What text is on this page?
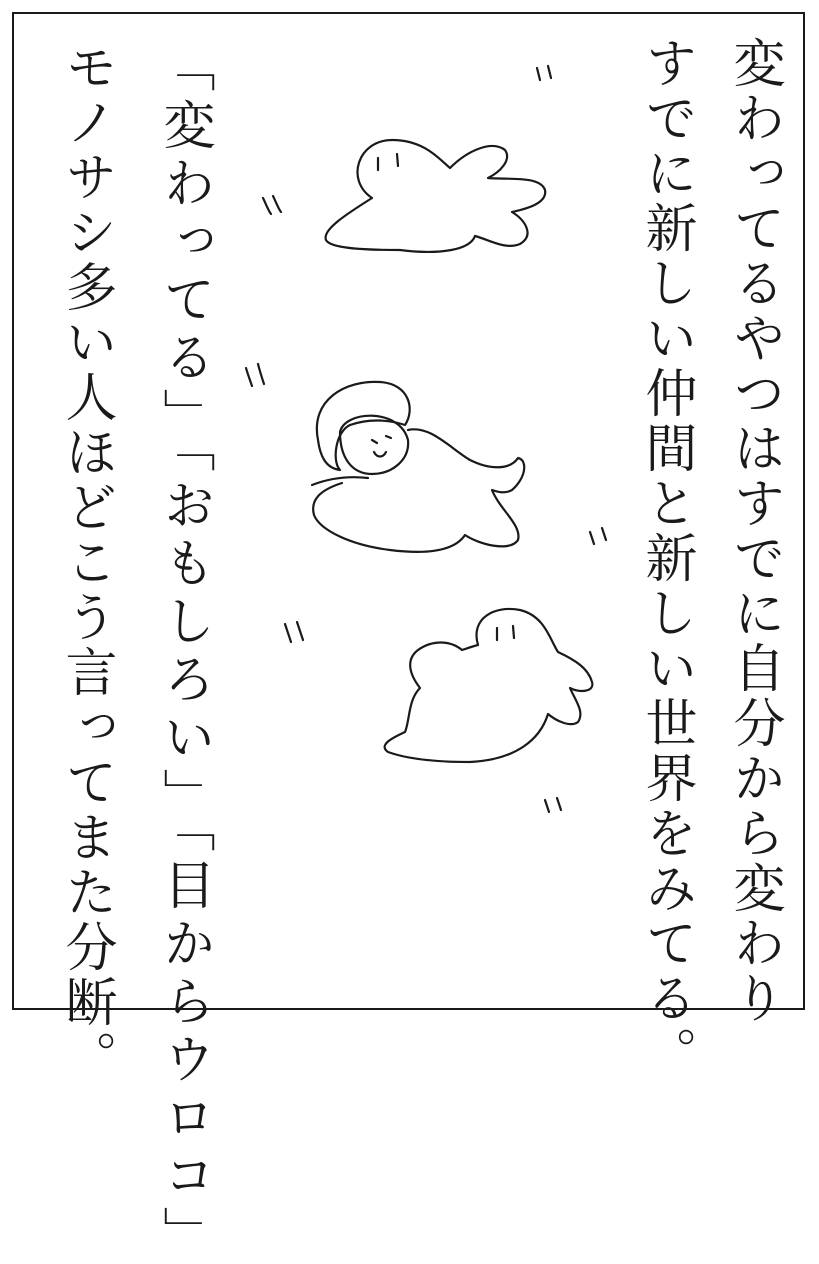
変わってるやつはすでに自分から変わり
すでに新しい仲間と新しい世界をみてる。
「変わってる」「おもしろい」「目からウロコ」
モノサシ多い人ほどこう言ってまた分断。
